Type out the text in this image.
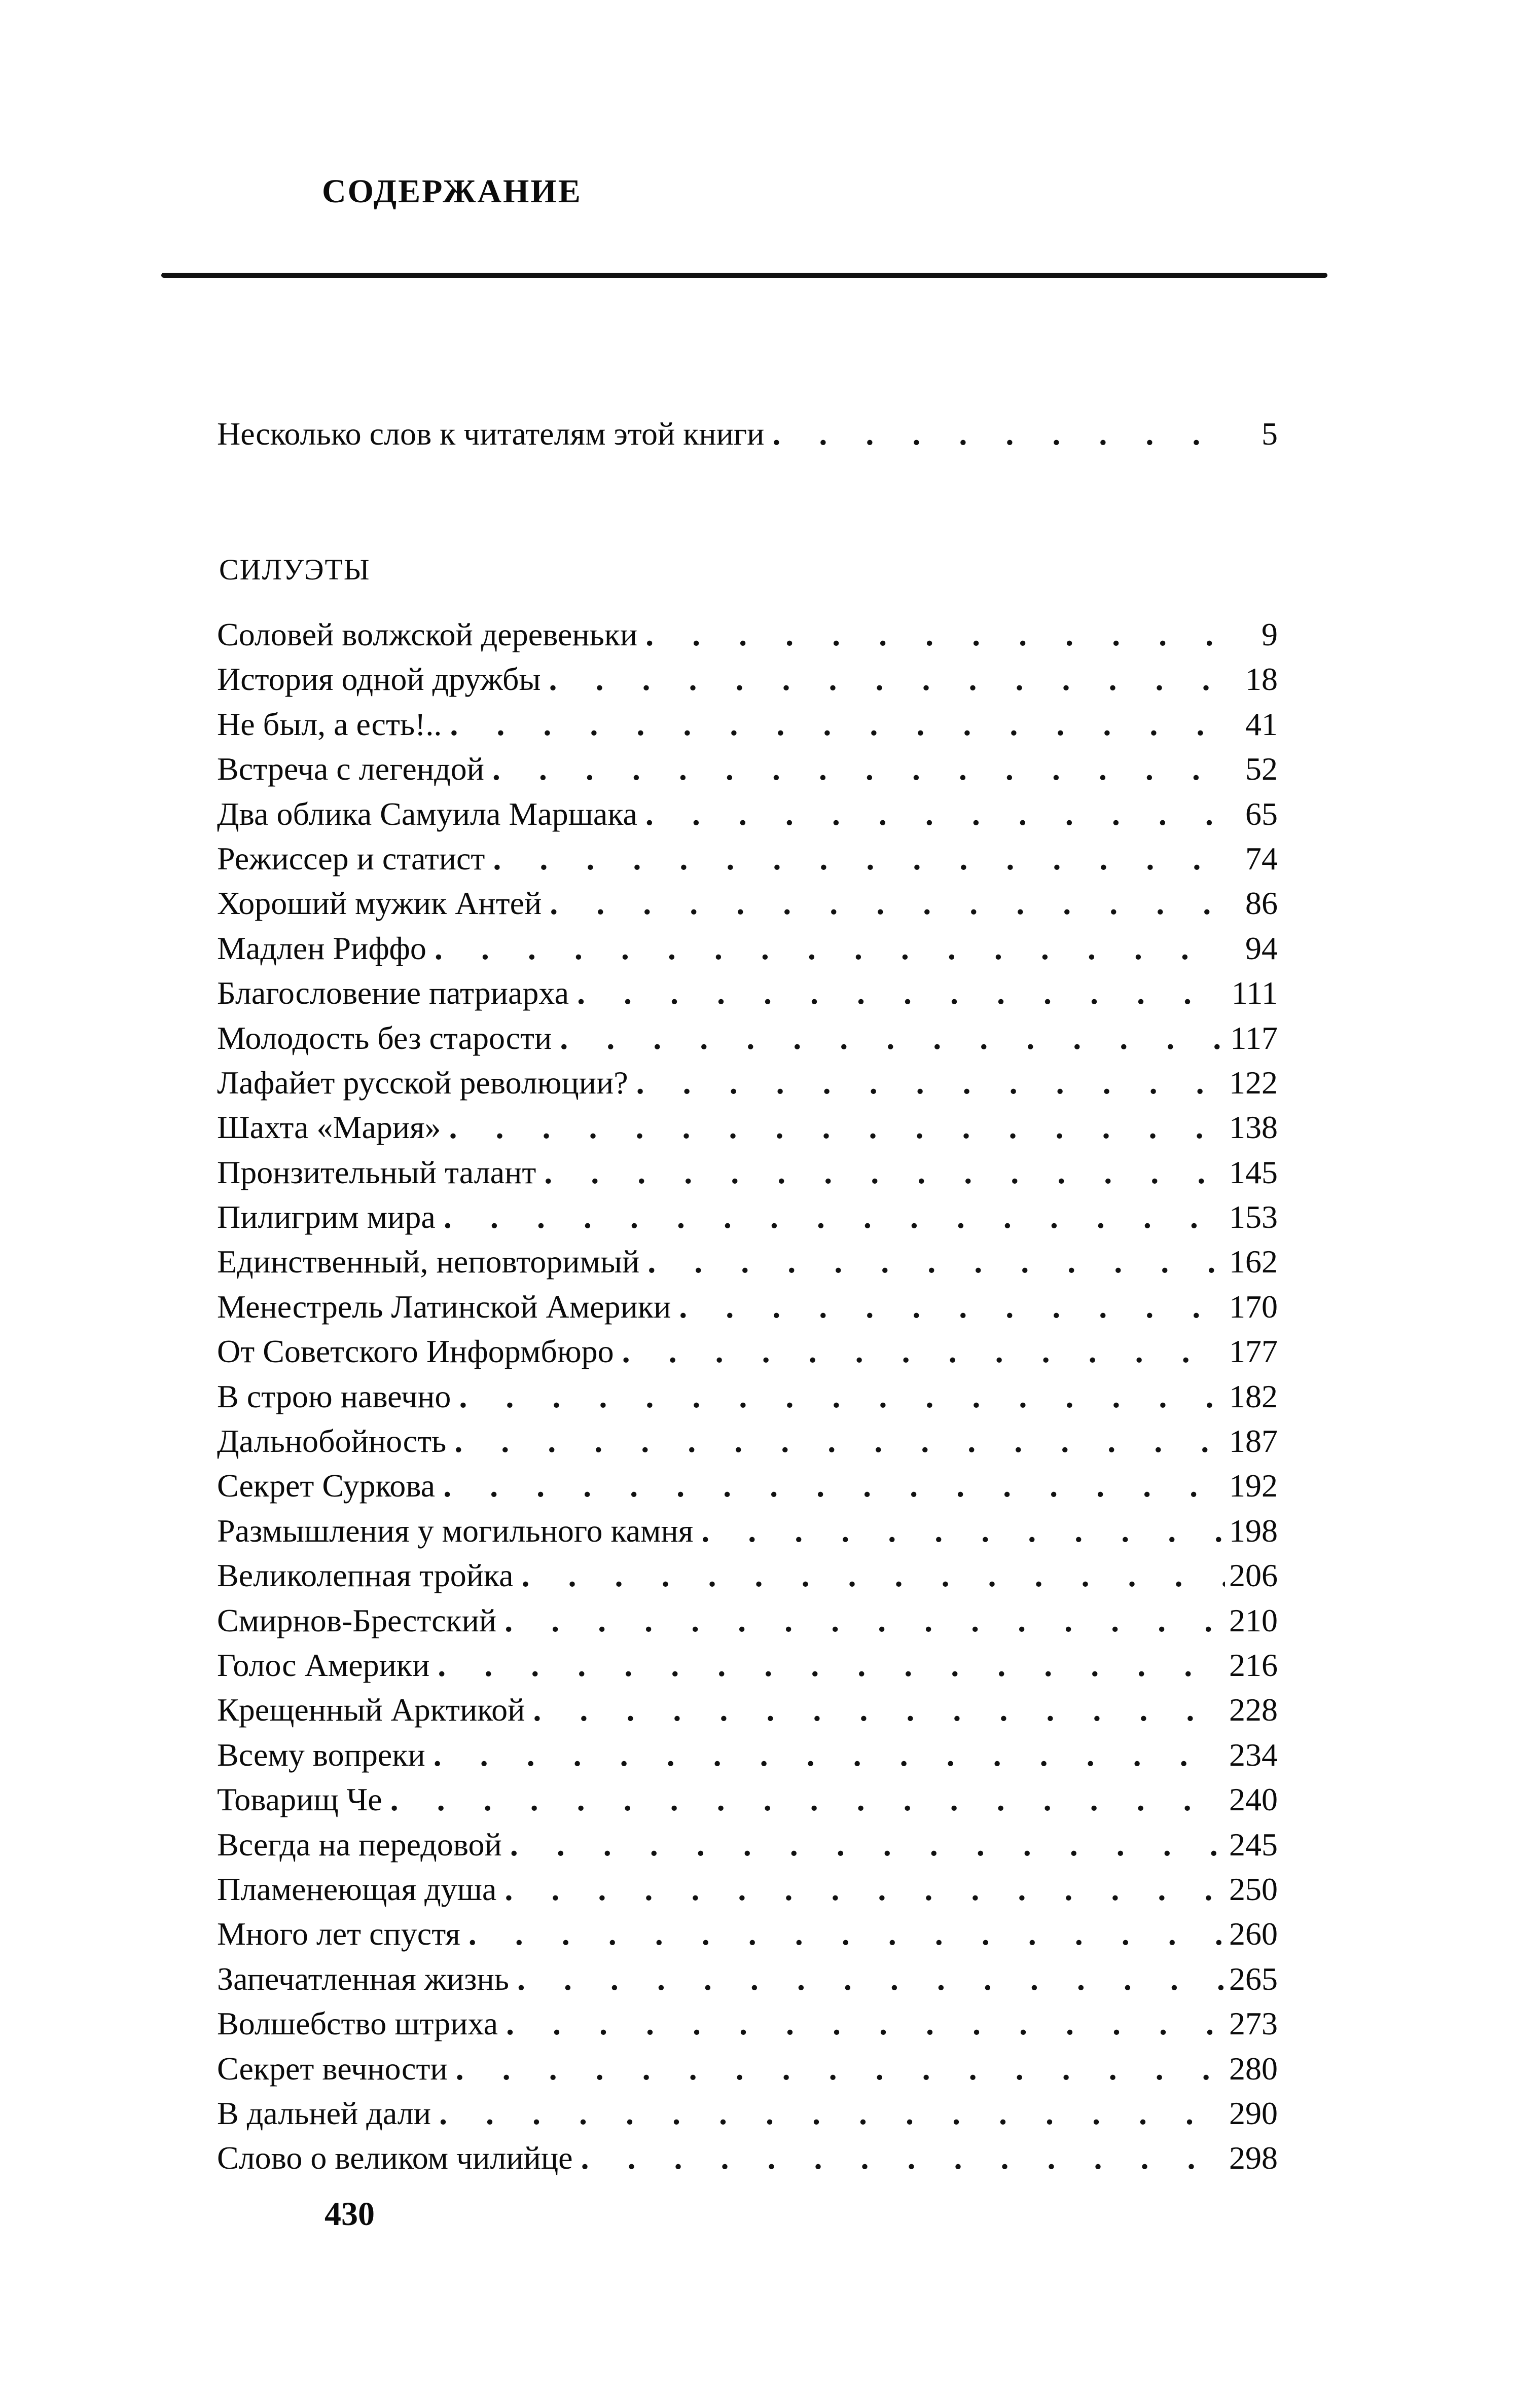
СОДЕРЖАНИЕ
Несколько слов к читателям этой книги . . .	5
СИЛУЭТЫ
Соловей волжской деревеньки . . .	9
История одной дружбы . . .	18
Не был, а есть!.. . . .	41
Встреча с легендой . . .	52
Два облика Самуила Маршака . . .	65
Режиссер и статист . . .	74
Хороший мужик Антей . . .	86
Мадлен Риффо . . .	94
Благословение патриарха . . .	111
Молодость без старости . . .	117
Лафайет русской революции? . . .	122
Шахта «Мария» . . .	138
Пронзительный талант . . .	145
Пилигрим мира . . .	153
Единственный, неповторимый . . .	162
Менестрель Латинской Америки . . .	170
От Советского Информбюро . . .	177
В строю навечно . . .	182
Дальнобойность . . .	187
Секрет Суркова . . .	192
Размышления у могильного камня . . .	198
Великолепная тройка . . .	206
Смирнов-Брестский . . .	210
Голос Америки . . .	216
Крещенный Арктикой . . .	228
Всему вопреки . . .	234
Товарищ Че . . .	240
Всегда на передовой . . .	245
Пламенеющая душа . . .	250
Много лет спустя . . .	260
Запечатленная жизнь . . .	265
Волшебство штриха . . .	273
Секрет вечности . . .	280
В дальней дали . . .	290
Слово о великом чилийце . . .	298
430
